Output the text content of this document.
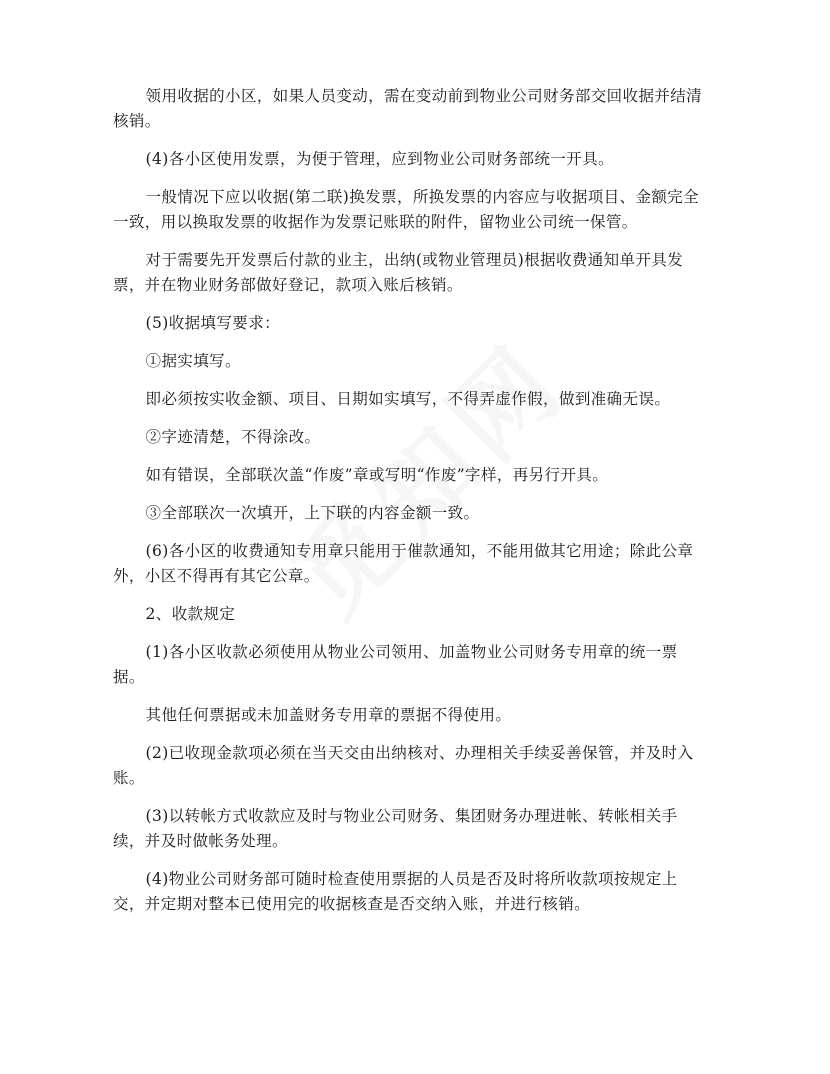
领用收据的小区，如果人员变动，需在变动前到物业公司财务部交回收据并结清核销。

(4)各小区使用发票，为便于管理，应到物业公司财务部统一开具。

一般情况下应以收据(第二联)换发票，所换发票的内容应与收据项目、金额完全一致，用以换取发票的收据作为发票记账联的附件，留物业公司统一保管。

对于需要先开发票后付款的业主，出纳(或物业管理员)根据收费通知单开具发票，并在物业财务部做好登记，款项入账后核销。

(5)收据填写要求：

①据实填写。

即必须按实收金额、项目、日期如实填写，不得弄虚作假，做到准确无误。

②字迹清楚，不得涂改。

如有错误，全部联次盖“作废”章或写明“作废”字样，再另行开具。

③全部联次一次填开，上下联的内容金额一致。

(6)各小区的收费通知专用章只能用于催款通知，不能用做其它用途；除此公章外，小区不得再有其它公章。

2、收款规定

(1)各小区收款必须使用从物业公司领用、加盖物业公司财务专用章的统一票据。

其他任何票据或未加盖财务专用章的票据不得使用。

(2)已收现金款项必须在当天交由出纳核对、办理相关手续妥善保管，并及时入账。

(3)以转帐方式收款应及时与物业公司财务、集团财务办理进帐、转帐相关手续，并及时做帐务处理。

(4)物业公司财务部可随时检查使用票据的人员是否及时将所收款项按规定上交，并定期对整本已使用完的收据核查是否交纳入账，并进行核销。
